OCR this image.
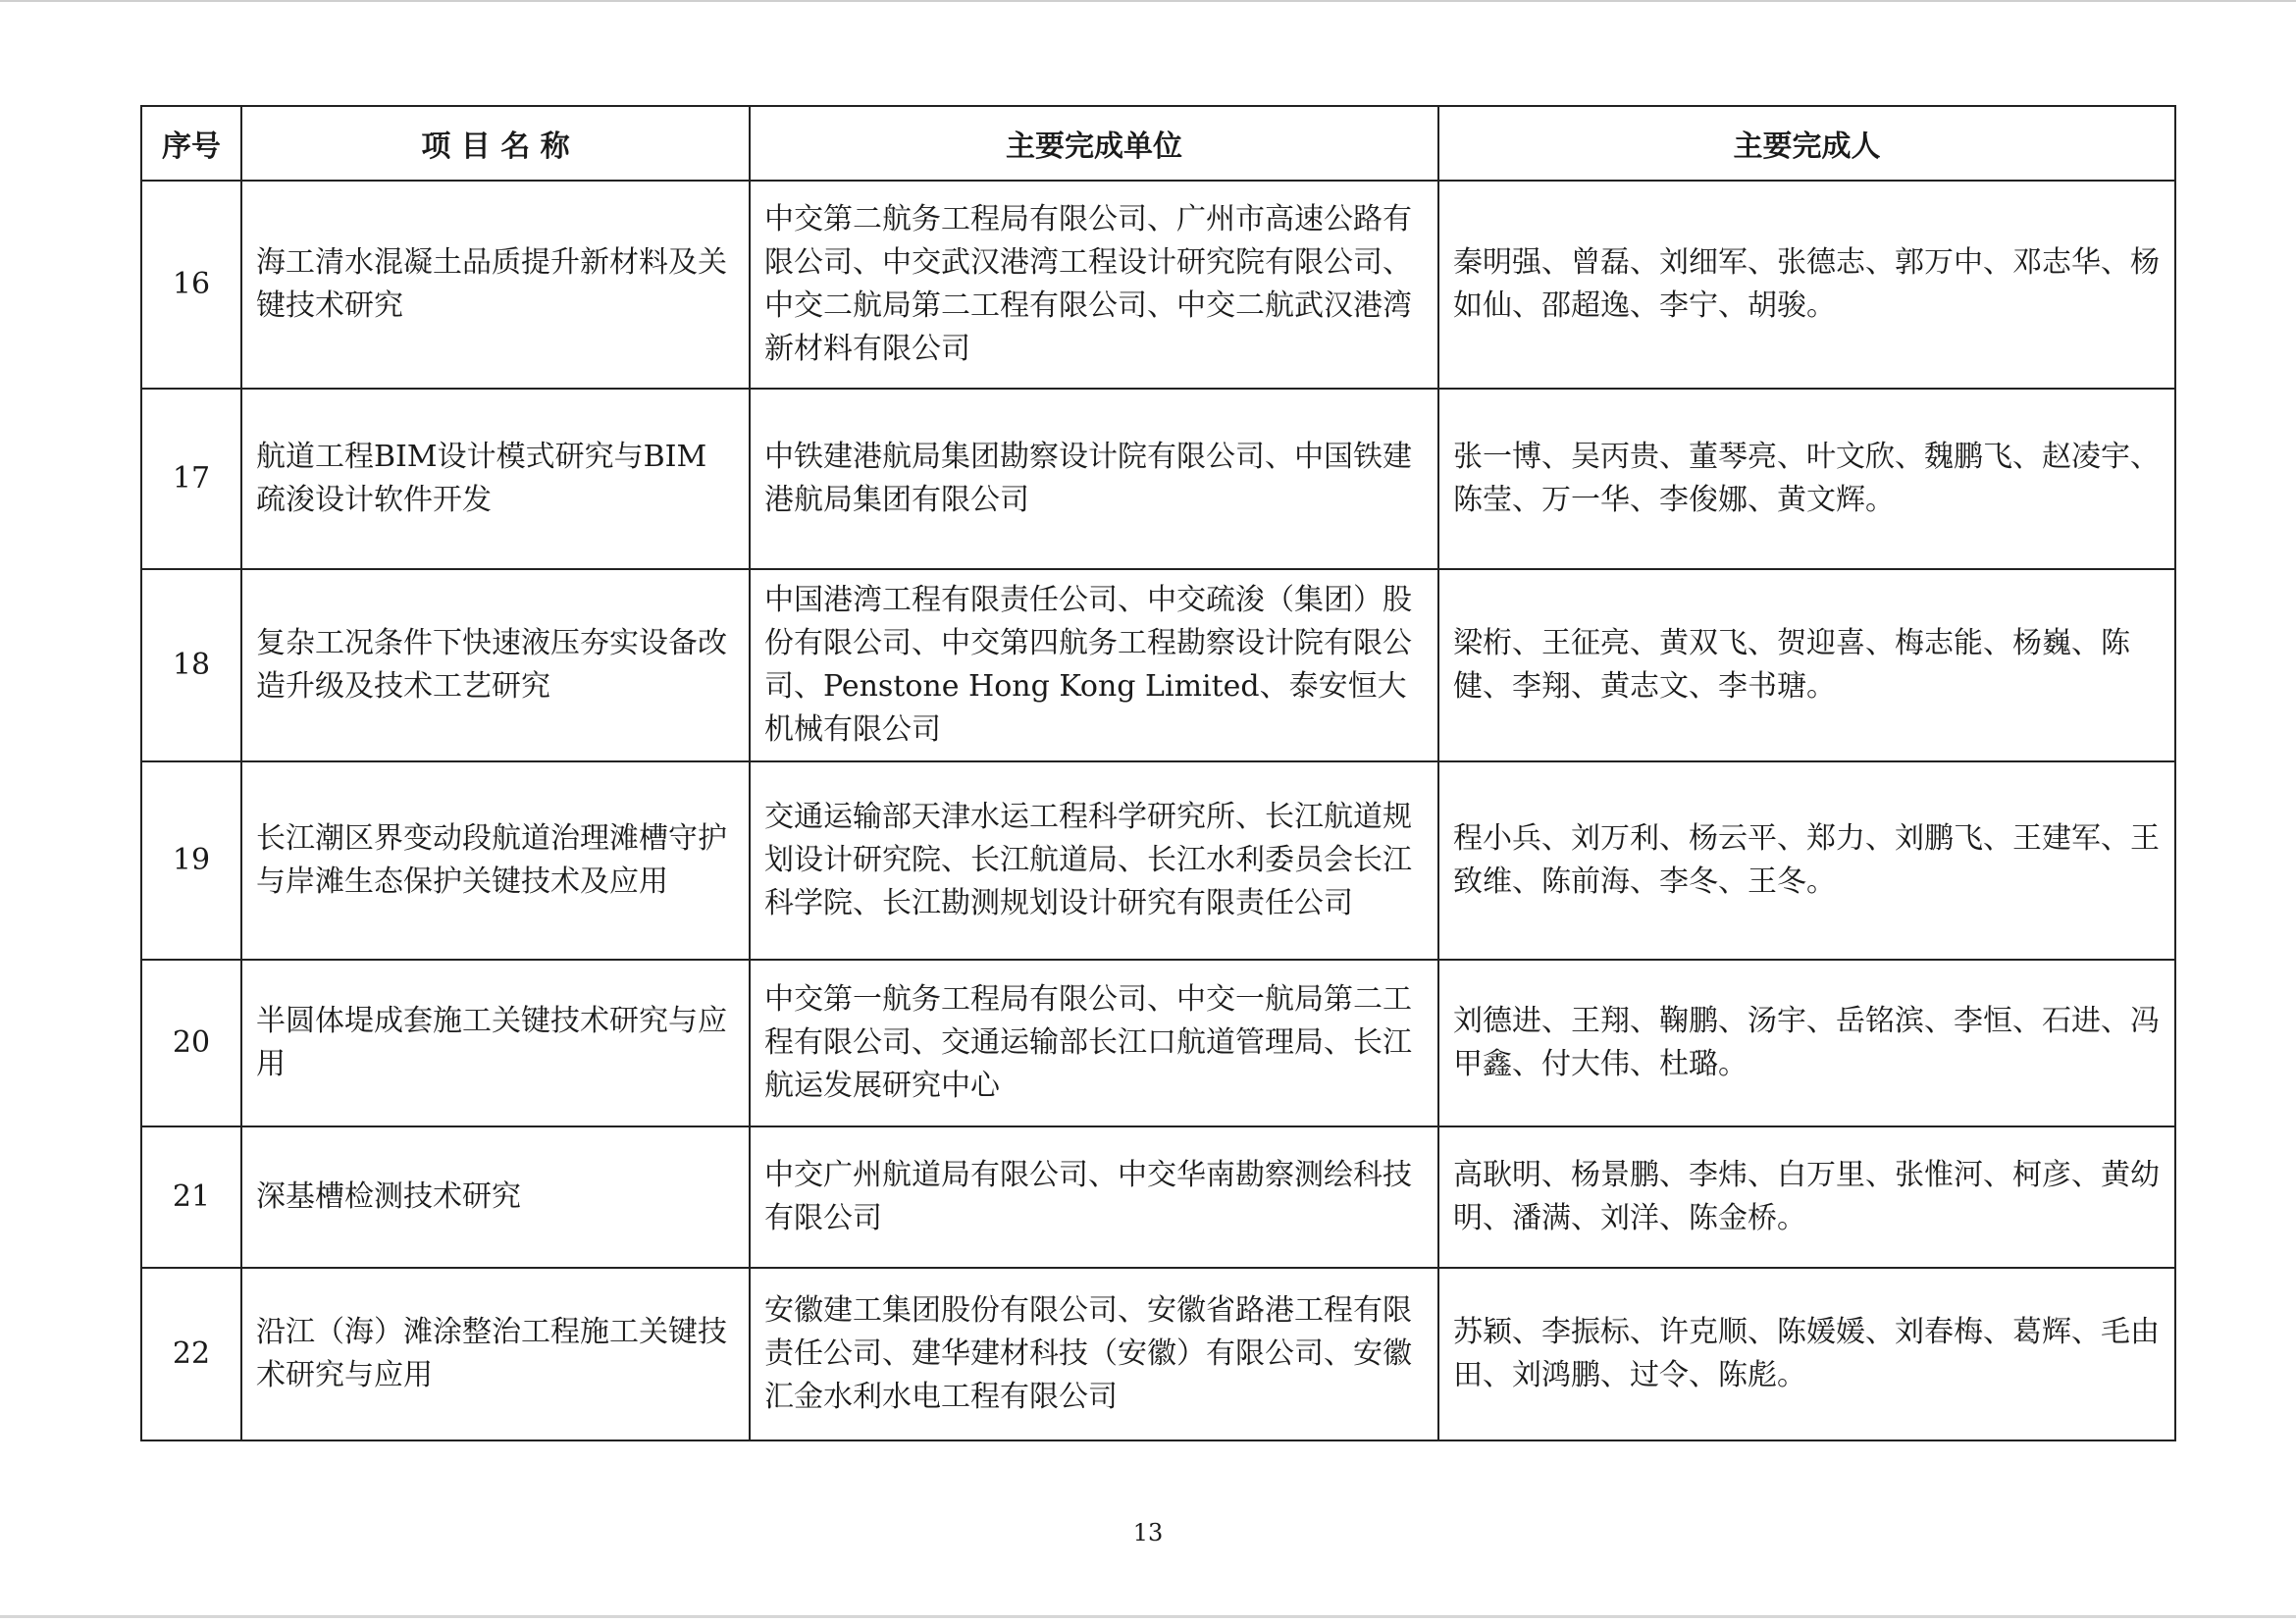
序号	项 目 名 称	主要完成单位	主要完成人
16	海工清水混凝土品质提升新材料及关键技术研究	中交第二航务工程局有限公司、广州市高速公路有限公司、中交武汉港湾工程设计研究院有限公司、中交二航局第二工程有限公司、中交二航武汉港湾新材料有限公司	秦明强、曾磊、刘细军、张德志、郭万中、邓志华、杨如仙、邵超逸、李宁、胡骏。
17	航道工程BIM设计模式研究与BIM疏浚设计软件开发	中铁建港航局集团勘察设计院有限公司、中国铁建港航局集团有限公司	张一博、吴丙贵、董琴亮、叶文欣、魏鹏飞、赵凌宇、陈莹、万一华、李俊娜、黄文辉。
18	复杂工况条件下快速液压夯实设备改造升级及技术工艺研究	中国港湾工程有限责任公司、中交疏浚（集团）股份有限公司、中交第四航务工程勘察设计院有限公司、Penstone Hong Kong Limited、泰安恒大机械有限公司	梁桁、王征亮、黄双飞、贺迎喜、梅志能、杨巍、陈健、李翔、黄志文、李书瑭。
19	长江潮区界变动段航道治理滩槽守护与岸滩生态保护关键技术及应用	交通运输部天津水运工程科学研究所、长江航道规划设计研究院、长江航道局、长江水利委员会长江科学院、长江勘测规划设计研究有限责任公司	程小兵、刘万利、杨云平、郑力、刘鹏飞、王建军、王致维、陈前海、李冬、王冬。
20	半圆体堤成套施工关键技术研究与应用	中交第一航务工程局有限公司、中交一航局第二工程有限公司、交通运输部长江口航道管理局、长江航运发展研究中心	刘德进、王翔、鞠鹏、汤宇、岳铭滨、李恒、石进、冯甲鑫、付大伟、杜璐。
21	深基槽检测技术研究	中交广州航道局有限公司、中交华南勘察测绘科技有限公司	高耿明、杨景鹏、李炜、白万里、张惟河、柯彦、黄幼明、潘满、刘洋、陈金桥。
22	沿江（海）滩涂整治工程施工关键技术研究与应用	安徽建工集团股份有限公司、安徽省路港工程有限责任公司、建华建材科技（安徽）有限公司、安徽汇金水利水电工程有限公司	苏颖、李振标、许克顺、陈媛媛、刘春梅、葛辉、毛由田、刘鸿鹏、过令、陈彪。
13
